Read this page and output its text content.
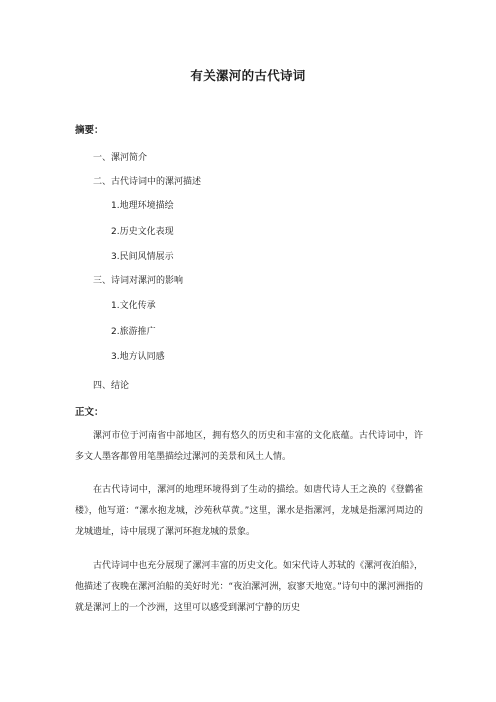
有关漯河的古代诗词
摘要：
一、漯河简介
二、古代诗词中的漯河描述
1.地理环境描绘
2.历史文化表现
3.民间风情展示
三、诗词对漯河的影响
1.文化传承
2.旅游推广
3.地方认同感
四、结论
正文：
漯河市位于河南省中部地区，拥有悠久的历史和丰富的文化底蕴。古代诗词中，许多文人墨客都曾用笔墨描绘过漯河的美景和风土人情。
在古代诗词中，漯河的地理环境得到了生动的描绘。如唐代诗人王之涣的《登鹳雀楼》，他写道：“漯水抱龙城，沙苑秋草黄。”这里，漯水是指漯河，龙城是指漯河周边的龙城遗址，诗中展现了漯河环抱龙城的景象。
古代诗词中也充分展现了漯河丰富的历史文化。如宋代诗人苏轼的《漯河夜泊船》，他描述了夜晚在漯河泊船的美好时光：“夜泊漯河洲，寂寥天地宽。”诗句中的漯河洲指的就是漯河上的一个沙洲，这里可以感受到漯河宁静的历史
